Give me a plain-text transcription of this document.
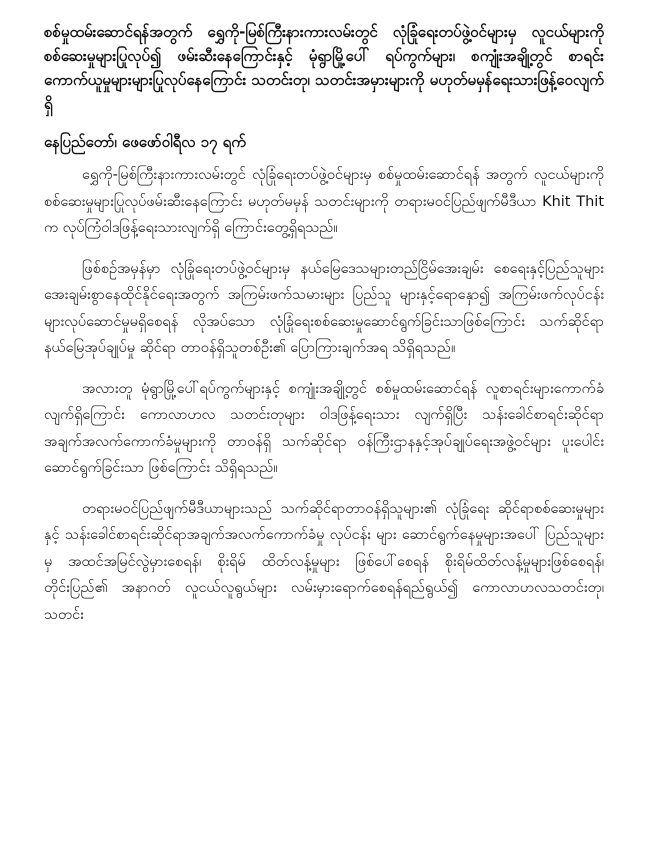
စစ်မှုထမ်းဆောင်ရန်အတွက် ရွှေကို-မြစ်ကြီးနားကားလမ်းတွင် လုံခြုံရေးတပ်ဖွဲ့ဝင်များမှ လူငယ်များကို စစ်ဆေးမှုများပြုလုပ်၍ ဖမ်းဆီးနေကြောင်းနှင့် မုံရွာမြို့ပေါ် ရပ်ကွက်များ၊ စကျုံးအချို့တွင် စာရင်းကောက်ယူမှုများများပြုလုပ်နေကြောင်း သတင်းတု၊ သတင်းအမှားများကို မဟုတ်မမှန်ရေးသားဖြန့်ဝေလျက်ရှိ

နေပြည်တော်၊ ဖေဖော်ဝါရီလ ၁၇ ရက်

ရွှေကို-မြစ်ကြီးနားကားလမ်းတွင် လုံခြုံရေးတပ်ဖွဲ့ဝင်များမှ စစ်မှုထမ်းဆောင်ရန် အတွက် လူငယ်များကို စစ်ဆေးမှုများပြုလုပ်ဖမ်းဆီးနေကြောင်း မဟုတ်မမှန် သတင်းများကို တရားမဝင်ပြည်ဖျက်မီဒီယာ Khit Thit က လုပ်ကြံဝါဒဖြန့်ရေးသားလျက်ရှိ ကြောင်းတွေ့ရှိရသည်။

ဖြစ်စဉ်အမှန်မှာ လုံခြုံရေးတပ်ဖွဲ့ဝင်များမှ နယ်မြေဒေသများတည်ငြိမ်အေးချမ်း စေရေးနှင့်ပြည်သူများအေးချမ်းစွာနေထိုင်နိုင်ရေးအတွက် အကြမ်းဖက်သမားများ ပြည်သူ များနှင့်ရောနှော၍ အကြမ်းဖက်လုပ်ငန်းများလုပ်ဆောင်မှုမရှိစေရန် လိုအပ်သော လုံခြုံရေးစစ်ဆေးမှုဆောင်ရွက်ခြင်းသာဖြစ်ကြောင်း သက်ဆိုင်ရာ နယ်မြေအုပ်ချုပ်မှု ဆိုင်ရာ တာဝန်ရှိသူတစ်ဦး၏ ပြောကြားချက်အရ သိရှိရသည်။

အလားတူ မုံရွာမြို့ပေါ်ရပ်ကွက်များနှင့် စကျုံးအချို့တွင် စစ်မှုထမ်းဆောင်ရန် လူစာရင်းများကောက်ခံလျက်ရှိကြောင်း ကောလာဟလ သတင်းတုများ ဝါဒဖြန့်ရေးသား လျက်ရှိပြီး သန်းခေါင်စာရင်းဆိုင်ရာအချက်အလက်ကောက်ခံမှုများကို တာဝန်ရှိ သက်ဆိုင်ရာ ဝန်ကြီးဌာနနှင့်အုပ်ချုပ်ရေးအဖွဲ့ဝင်များ ပူးပေါင်းဆောင်ရွက်ခြင်းသာ ဖြစ်ကြောင်း သိရှိရသည်။

တရားမဝင်ပြည်ဖျက်မီဒီယာများသည် သက်ဆိုင်ရာတာဝန်ရှိသူများ၏ လုံခြုံရေး ဆိုင်ရာစစ်ဆေးမှုများနှင့် သန်းခေါင်စာရင်းဆိုင်ရာအချက်အလက်ကောက်ခံမှု လုပ်ငန်း များ ဆောင်ရွက်နေမှုများအပေါ် ပြည်သူများမှ အထင်အမြင်လွဲမှားစေရန်၊ စိုးရိမ် ထိတ်လန့်မှုများ ဖြစ်ပေါ်စေရန် စိုးရိမ်ထိတ်လန့်မှုများဖြစ်စေရန်၊ တိုင်းပြည်၏ အနာဂတ် လူငယ်လူရွယ်များ လမ်းမှားရောက်စေရန်ရည်ရွယ်၍ ကောလာဟလသတင်းတု၊ သတင်း
